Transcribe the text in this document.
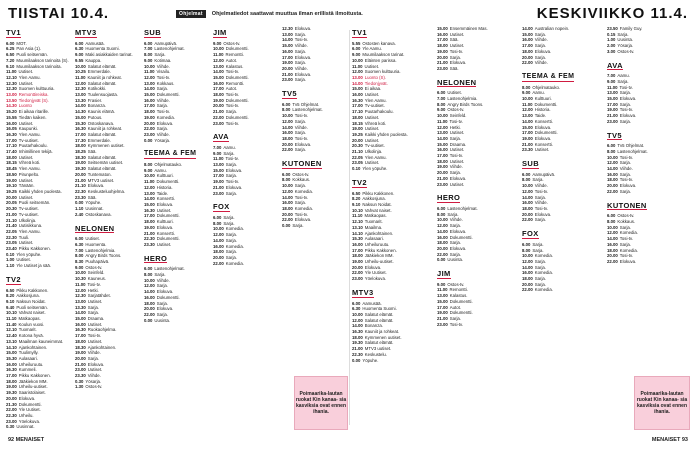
TIISTAI 10.4.	Ohjelmat	Ohjelmatiedot saattavat muuttua ilman erillistä ilmoitusta.	KESKIVIIKKO 11.4.
TV1

6.00 MOT.
6.25 Pan Asia (1).
6.50 Puoli seitsemän.
7.20 Muumilaakson tarinoita (S).
9.10 Muumilaakson tarinoita.
11.00 Uutiset.
12.10 Ylen Aamu.
12.30 Uutiset.
12.30 Suomen kulttuuria.
13.00 Remonttireiska.
13.50 Tiedonjyvät (S).
14.30 Luonto
15.20 Ei aikaa ritarille.
15.55 Tiedän kaiken.
16.00 Uutiset.
16.05 Kaupunki.
16.30 Ylen Aamu.
17.00 Tv-uutiset.
17.10 Puutarhakoulu.
17.40 Inhimillinen tekijä.
18.00 Uutiset.
18.15 Vihreä koti.
18.45 Ylen Aamu.
18.50 Pirunpelto.
19.00 Uutiset.
19.10 Tänään.
19.25 Kaikki yhden puolesta.
20.00 Uutiset.
20.05 Puoli seitsemän.
20.30 Tv-uutiset.
21.00 Tv-uutiset.
21.10 Ulkolinja.
21.40 Uutisikkuna.
22.05 Ylen Aamu.
22.30 Tuuli.
23.05 Uutiset.
23.40 Pikku Kakkonen.
0.10 Ylen yöpuhe.
1.00 Uutiset.
1.10 Yle Uutiset ja sää.
TV2

6.50 Pikku Kakkonen.
8.20 Aakkosjuna.
9.10 Naksun Noidat.
9.40 Puoli seitsemän.
10.10 Vahvat naiset.
11.10 Matkaopas.
11.40 Koulun vuosi.
12.10 Tuomarit.
12.40 Kotona hyvä.
13.10 Maailman kauneimmat.
14.10 Ajankohtainen.
15.00 Tuulimylly.
15.30 Aulasaari.
16.00 Urheiluruutu.
16.30 Kummeli.
17.00 Pikku Kakkonen.
18.00 Jääkiekon MM.
19.00 Urheilu-uutiset.
19.30 Saaristolaiset.
20.00 Elokuva.
21.30 Dokumentti.
22.00 Yle Uutiset.
22.30 Urheilu.
23.00 Yöelokuva.
0.30 Uusinnat.
MTV3

6.00 Aamusää.
6.30 Huomenta Suomi.
9.00 Maki asiakkaiden tarinat.
9.55 Kauppa.
10.00 Salatut elämät.
10.25 Emmerdale.
11.00 Kauniit ja rohkeat.
12.00 Salatut elämät.
12.30 Kotikokki.
13.00 Tuulensuojasta.
13.30 Frasier.
14.00 Bonanza.
14.30 Kaunis elämä.
15.00 Putous.
15.30 Ostoskanava.
16.30 Kauniit ja rohkeat.
17.00 Salatut elämät.
17.30 Emmerdale.
18.00 Kymmenen uutiset.
18.25 Sää.
18.30 Salatut elämät.
19.00 Seitsemän uutiset.
19.30 Salatut elämät.
20.00 Tuntematon.
21.00 MTV3 uutiset.
21.10 Elokuva.
22.30 Keskusteluohjelma.
23.30 Sää.
0.00 Yöpuhe.
1.10 Uusinnat.
2.40 Ostoskanava.
NELONEN

6.00 Uutiset.
6.30 Huomenta.
7.00 Lastenohjelmia.
8.00 Angry Birds Toons.
8.30 Puuhapäivä.
9.00 Ostos-tv.
10.00 Seinfeld.
10.30 Kauneus.
11.00 Tosi-tv.
12.00 Hetki.
12.30 Sarjatähdet.
13.00 Uutiset.
13.30 Sarja.
14.00 Sarja.
15.00 Draama.
16.00 Uutiset.
16.30 Ruokaohjelma.
17.00 Tosi-tv.
18.00 Uutiset.
18.30 Ajankohtainen.
19.00 Viihde.
20.00 Sarja.
21.00 Elokuva.
23.00 Uutiset.
23.30 Viihde.
0.30 Yösarja.
1.30 Ostos-tv.
SUB

6.00 Aamupäivä.
7.00 Lastenohjelmat.
8.00 Sarja.
9.00 Kotimaa.
10.00 Viihde.
11.00 Visailu.
12.00 Tosi-tv.
13.00 Kokkaus.
14.00 Sarja.
15.00 Dokumentti.
16.00 Viihde.
17.00 Sarja.
18.00 Tosi-tv.
19.00 Komedia.
20.00 Elokuva.
22.00 Sarja.
23.00 Viihde.
0.00 Yösarja.
TEEMA & FEM

8.00 Ohjelmatauko.
9.00 Aamu.
10.00 Kulttuuri.
11.00 Dokumentti.
12.00 Historia.
13.00 Taide.
14.00 Konsertti.
15.00 Elokuva.
16.30 Uutiset.
17.00 Dokumentti.
18.00 Kulttuuri.
19.00 Elokuva.
21.00 Konsertti.
22.30 Dokumentti.
23.30 Uutiset.
HERO

6.00 Lastenohjelmat.
8.00 Sarja.
10.00 Viihde.
12.00 Sarja.
14.00 Elokuva.
16.00 Dokumentti.
18.00 Sarja.
20.00 Elokuva.
22.00 Sarja.
0.00 Uusinta.
JIM

9.00 Ostos-tv.
10.00 Dokumentti.
11.00 Remontti.
12.00 Autot.
13.00 Kalastus.
14.00 Tosi-tv.
15.00 Dokumentti.
16.00 Remontti.
17.00 Autot.
18.00 Tosi-tv.
19.00 Dokumentti.
20.00 Tosi-tv.
21.00 Sarja.
22.00 Dokumentti.
23.00 Tosi-tv.
AVA

7.00 Aamu.
9.00 Sarja.
11.00 Tosi-tv.
13.00 Sarja.
15.00 Elokuva.
17.00 Sarja.
19.00 Tosi-tv.
21.00 Elokuva.
23.00 Sarja.
FOX

6.00 Sarja.
8.00 Sarja.
10.00 Komedia.
12.00 Sarja.
14.00 Sarja.
16.00 Komedia.
18.00 Sarja.
20.00 Sarja.
22.00 Komedia.
12.30 Elokuva.
13.00 Sarja.
14.00 Tosi-tv.
15.00 Viihde.
16.00 Sarja.
17.00 Elokuva.
19.00 Sarja.
20.00 Viihde.
21.00 Elokuva.
23.00 Sarja.
TV5

6.00 Tv5 Ohjelmat.
8.00 Lastenohjelmat.
10.00 Tosi-tv.
12.00 Sarja.
14.00 Viihde.
16.00 Sarja.
18.00 Tosi-tv.
20.00 Elokuva.
22.00 Sarja.
KUTONEN

6.00 Ostos-tv.
8.00 Kokkaus.
10.00 Sarja.
12.00 Komedia.
14.00 Tosi-tv.
16.00 Sarja.
18.00 Komedia.
20.00 Tosi-tv.
22.00 Elokuva.
0.00 Sarja.
Poimaarika-lautan ruokat Kin kanaa- sia kasviksia ovat ennen ihania.
TV1

5.55 Ostosten kanava.
6.00 Yle Aamu.
9.00 Muumilaakson tarinat.
10.00 Eläinten parissa.
11.00 Uutiset.
12.00 Suomen kulttuuria.
13.00 Luonto (S).
14.00 Tiedonjyvät.
15.00 Ei aikaa.
16.00 Uutiset.
16.30 Ylen Aamu.
17.00 Tv-uutiset.
17.10 Puutarhakoulu.
18.00 Uutiset.
18.15 Vihreä koti.
19.00 Uutiset.
19.25 Kaikki yhden puolesta.
20.00 Uutiset.
20.30 Tv-uutiset.
21.10 Ulkolinja.
22.05 Ylen Aamu.
23.05 Uutiset.
0.10 Ylen yöpuhe.
TV2

6.50 Pikku Kakkonen.
8.20 Aakkosjuna.
9.10 Naksun Noidat.
10.10 Vahvat naiset.
11.10 Matkaopas.
12.10 Tuomarit.
13.10 Maailma.
14.10 Ajankohtainen.
15.30 Aulasaari.
16.00 Urheiluruutu.
17.00 Pikku Kakkonen.
18.00 Jääkiekon MM.
19.00 Urheilu-uutiset.
20.00 Elokuva.
22.00 Yle Uutiset.
23.00 Yöelokuva.
MTV3

6.00 Aamusää.
6.30 Huomenta Suomi.
10.00 Salatut elämät.
12.00 Salatut elämät.
14.00 Bonanza.
16.30 Kauniit ja rohkeat.
18.00 Kymmenen uutiset.
19.30 Salatut elämät.
21.00 MTV3 uutiset.
22.30 Keskustelu.
0.00 Yöpuhe.
15.00 Ensemmäinen Mas.
16.00 Uutiset.
17.00 Sää.
18.00 Uutiset.
19.00 Tosi-tv.
20.00 Sarja.
21.00 Elokuva.
23.00 Sää.
NELONEN

6.00 Uutiset.
7.00 Lastenohjelmia.
8.00 Angry Birds Toons.
9.00 Ostos-tv.
10.00 Seinfeld.
11.00 Tosi-tv.
12.00 Hetki.
13.00 Uutiset.
14.00 Sarja.
15.00 Draama.
16.00 Uutiset.
17.00 Tosi-tv.
18.00 Uutiset.
19.00 Viihde.
20.00 Sarja.
21.00 Elokuva.
23.00 Uutiset.
HERO

6.00 Lastenohjelmat.
8.00 Sarja.
10.00 Viihde.
12.00 Sarja.
14.00 Elokuva.
16.00 Dokumentti.
18.00 Sarja.
20.00 Elokuva.
22.00 Sarja.
0.00 Uusinta.
JIM

9.00 Ostos-tv.
11.00 Remontti.
13.00 Kalastus.
15.00 Dokumentti.
17.00 Autot.
19.00 Dokumentti.
21.00 Sarja.
23.00 Tosi-tv.
14.00 Australian nopein.
15.00 Sarja.
16.00 Viihde.
17.00 Sarja.
18.00 Elokuva.
20.00 Sarja.
22.00 Viihde.
TEEMA & FEM

8.00 Ohjelmatauko.
9.00 Aamu.
10.00 Kulttuuri.
11.00 Dokumentti.
12.00 Historia.
13.00 Taide.
14.00 Konsertti.
15.00 Elokuva.
17.00 Dokumentti.
19.00 Elokuva.
21.00 Konsertti.
23.30 Uutiset.
SUB

6.00 Aamupäivä.
8.00 Sarja.
10.00 Viihde.
12.00 Tosi-tv.
14.00 Sarja.
16.00 Viihde.
18.00 Tosi-tv.
20.00 Elokuva.
22.00 Sarja.
FOX

6.00 Sarja.
8.00 Sarja.
10.00 Komedia.
12.00 Sarja.
14.00 Sarja.
16.00 Komedia.
18.00 Sarja.
20.00 Sarja.
22.00 Komedia.
23.50 Family Guy.
0.15 Sarja.
1.00 Uusinta.
2.00 Yösarja.
3.00 Ostos-tv.
AVA

7.00 Aamu.
9.00 Sarja.
11.00 Tosi-tv.
13.00 Sarja.
15.00 Elokuva.
17.00 Sarja.
19.00 Tosi-tv.
21.00 Elokuva.
23.00 Sarja.
TV5

6.00 Tv5 Ohjelmat.
8.00 Lastenohjelmat.
10.00 Tosi-tv.
12.00 Sarja.
14.00 Viihde.
16.00 Sarja.
18.00 Tosi-tv.
20.00 Elokuva.
22.00 Sarja.
KUTONEN

6.00 Ostos-tv.
8.00 Kokkaus.
10.00 Sarja.
12.00 Komedia.
14.00 Tosi-tv.
16.00 Sarja.
18.00 Komedia.
20.00 Tosi-tv.
22.00 Elokuva.
Poimaarika-lautan ruokat Kin kanaa- sia kasviksia ovat ennen ihania.
92 MENAISET	MENAISET 93
